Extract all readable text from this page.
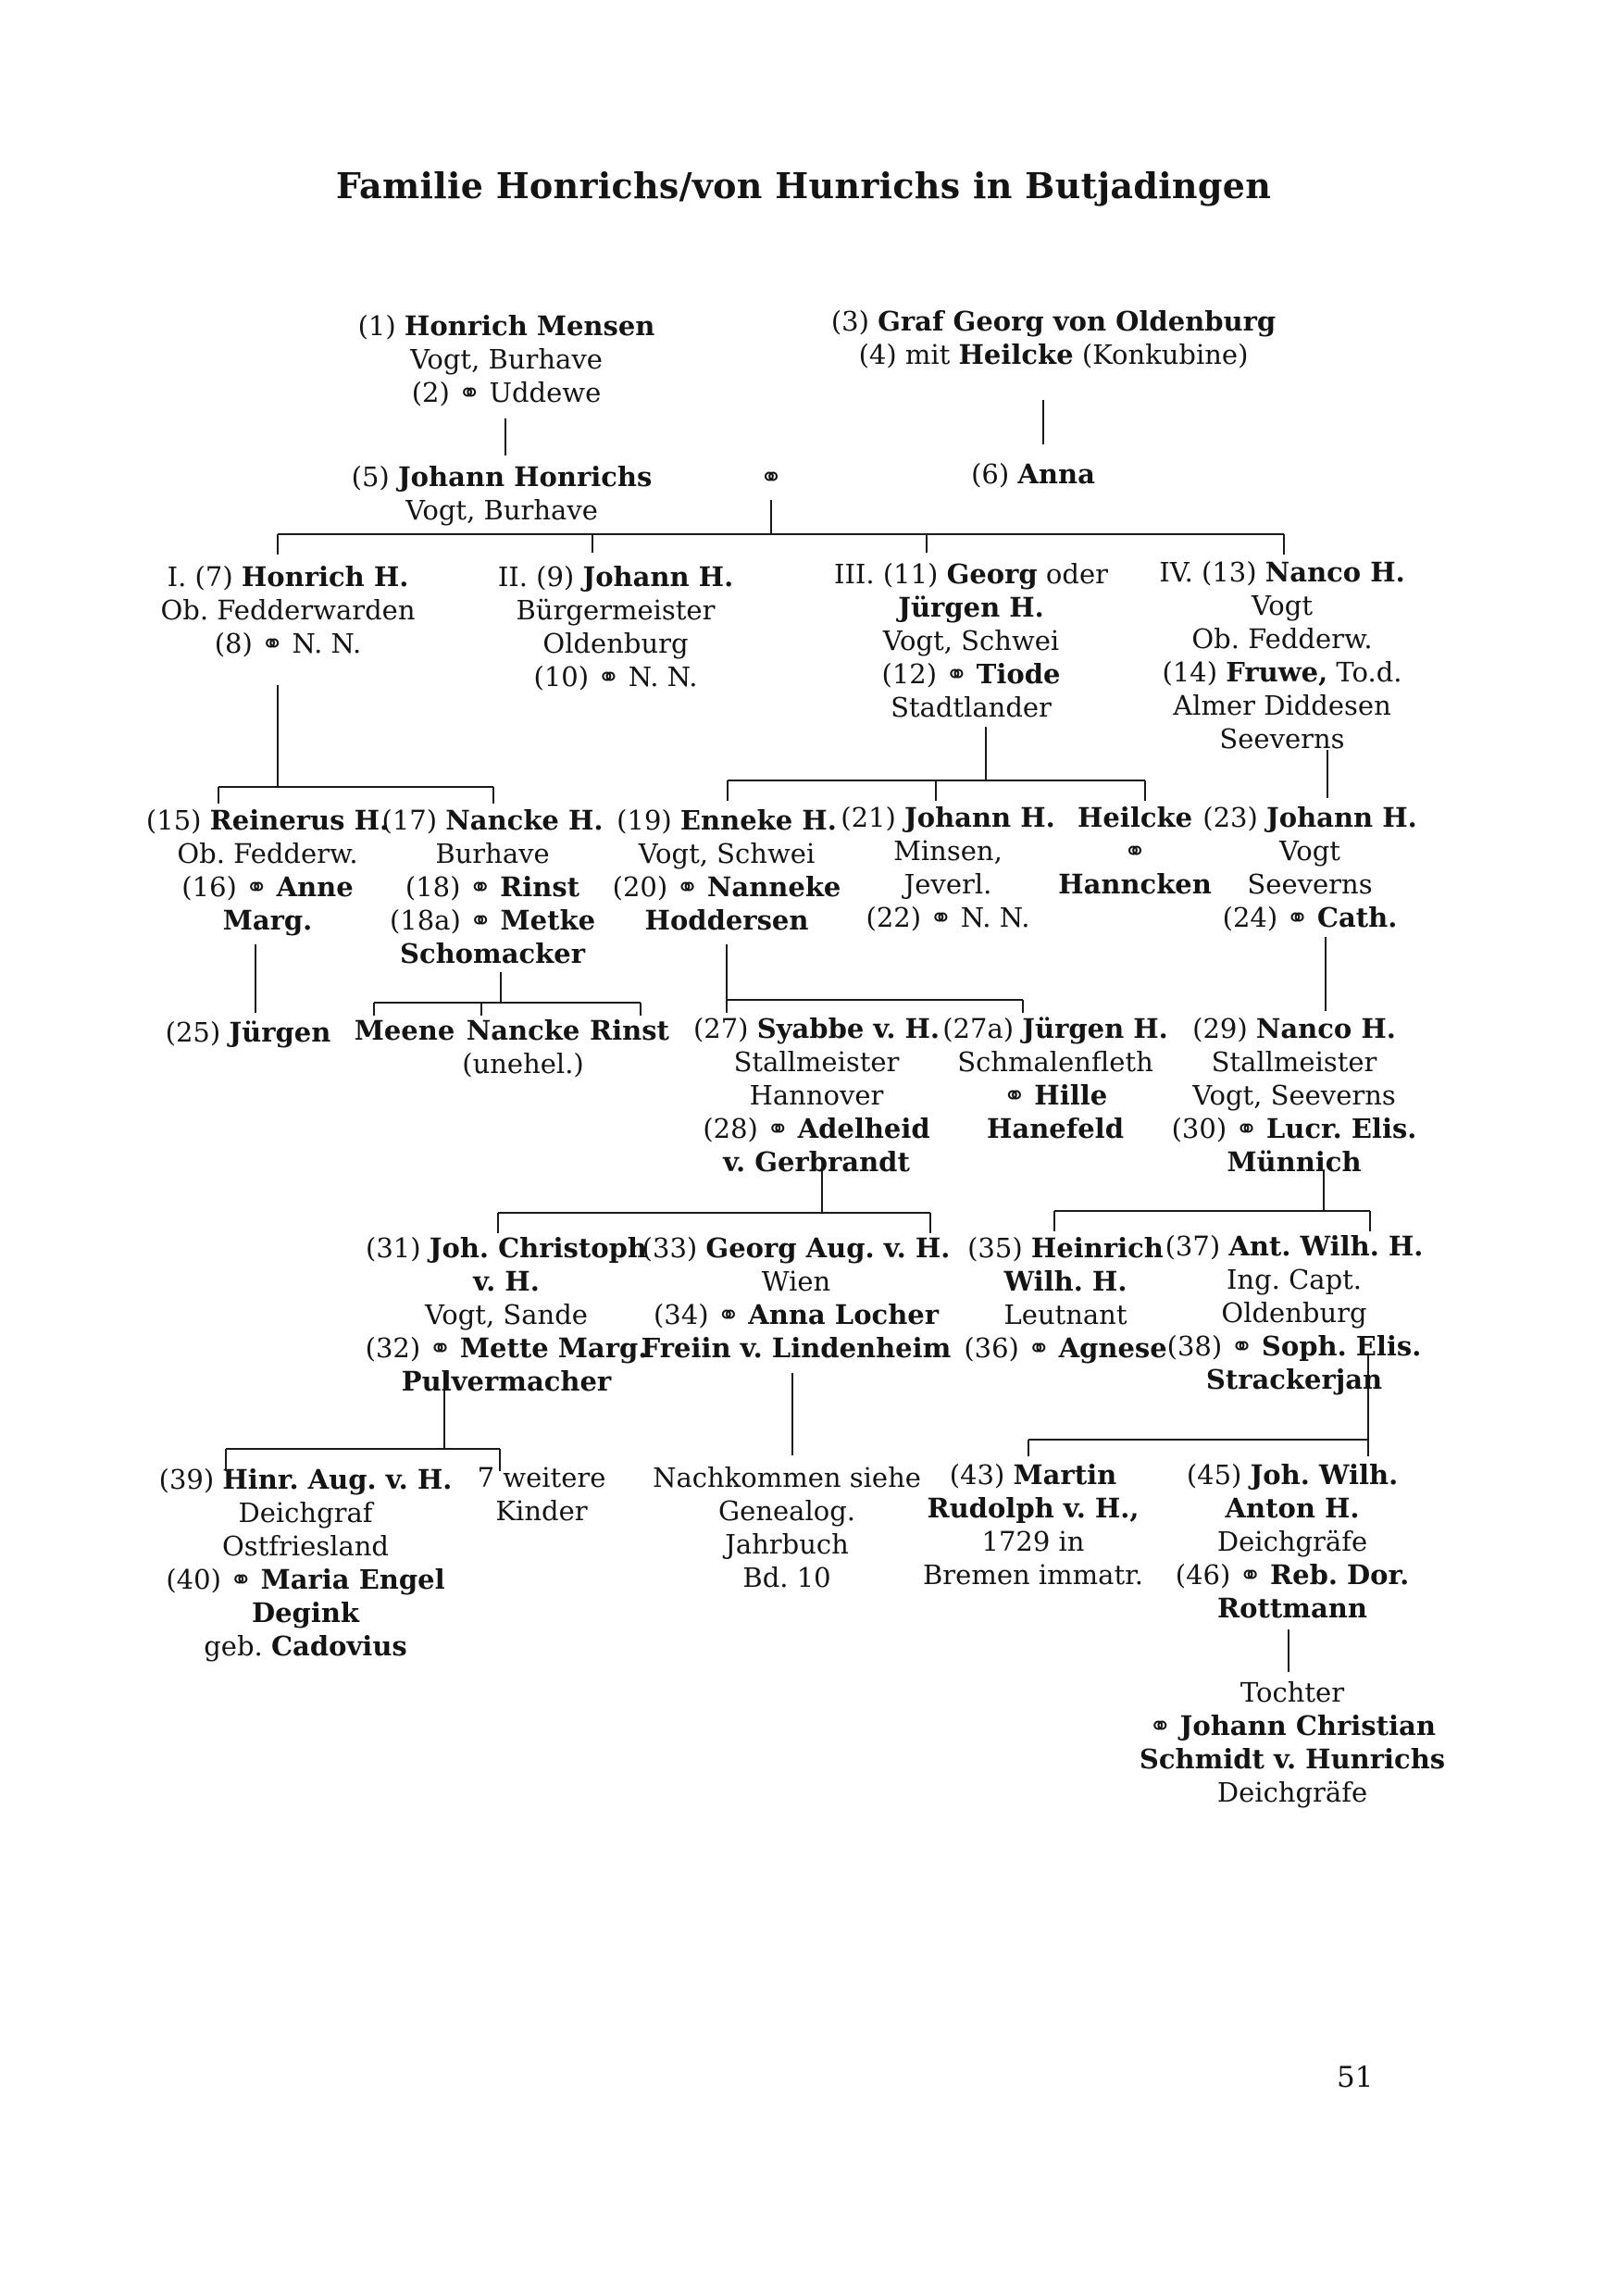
Familie Honrichs/von Hunrichs in Butjadingen
(1) Honrich Mensen
Vogt, Burhave
(2) ⚭ Uddewe
(3) Graf Georg von Oldenburg
(4) mit Heilcke (Konkubine)
(5) Johann Honrichs
Vogt, Burhave
⚭	(6) Anna
I. (7) Honrich H.
Ob. Fedderwarden
(8) ⚭ N. N.
II. (9) Johann H.
Bürgermeister
Oldenburg
(10) ⚭ N. N.
III. (11) Georg oder
Jürgen H.
Vogt, Schwei
(12) ⚭ Tiode
Stadtlander
IV. (13) Nanco H.
Vogt
Ob. Fedderw.
(14) Fruwe, To.d.
Almer Diddesen
Seeverns
(15) Reinerus H.
Ob. Fedderw.
(16) ⚭ Anne
Marg.
(17) Nancke H.
Burhave
(18) ⚭ Rinst
(18a) ⚭ Metke
Schomacker
(19) Enneke H.
Vogt, Schwei
(20) ⚭ Nanneke
Hoddersen
(21) Johann H.
Minsen,
Jeverl.
(22) ⚭ N. N.
Heilcke
⚭
Hanncken
(23) Johann H.
Vogt
Seeverns
(24) ⚭ Cath.
(25) Jürgen Meene Nancke
(unehel.)
Rinst (27) Syabbe v. H.
Stallmeister
Hannover
(28) ⚭ Adelheid
v. Gerbrandt
(27a) Jürgen H.
Schmalenfleth
⚭ Hille
Hanefeld
(29) Nanco H.
Stallmeister
Vogt, Seeverns
(30) ⚭ Lucr. Elis.
Münnich
(31) Joh. Christoph
v. H.
Vogt, Sande
(32) ⚭ Mette Marg.
Pulvermacher
(33) Georg Aug. v. H.
Wien
(34) ⚭ Anna Locher
Freiin v. Lindenheim
(35) Heinrich
Wilh. H.
Leutnant
(36) ⚭ Agnese
(37) Ant. Wilh. H.
Ing. Capt.
Oldenburg
(38) ⚭ Soph. Elis.
Strackerjan
(39) Hinr. Aug. v. H.
Deichgraf
Ostfriesland
(40) ⚭ Maria Engel
Degink
geb. Cadovius
7 weitere
Kinder
Nachkommen siehe
Genealog.
Jahrbuch
Bd. 10
(43) Martin
Rudolph v. H.,
1729 in
Bremen immatr.
(45) Joh. Wilh.
Anton H.
Deichgräfe
(46) ⚭ Reb. Dor.
Rottmann
Tochter
⚭ Johann Christian
Schmidt v. Hunrichs
Deichgräfe
51
